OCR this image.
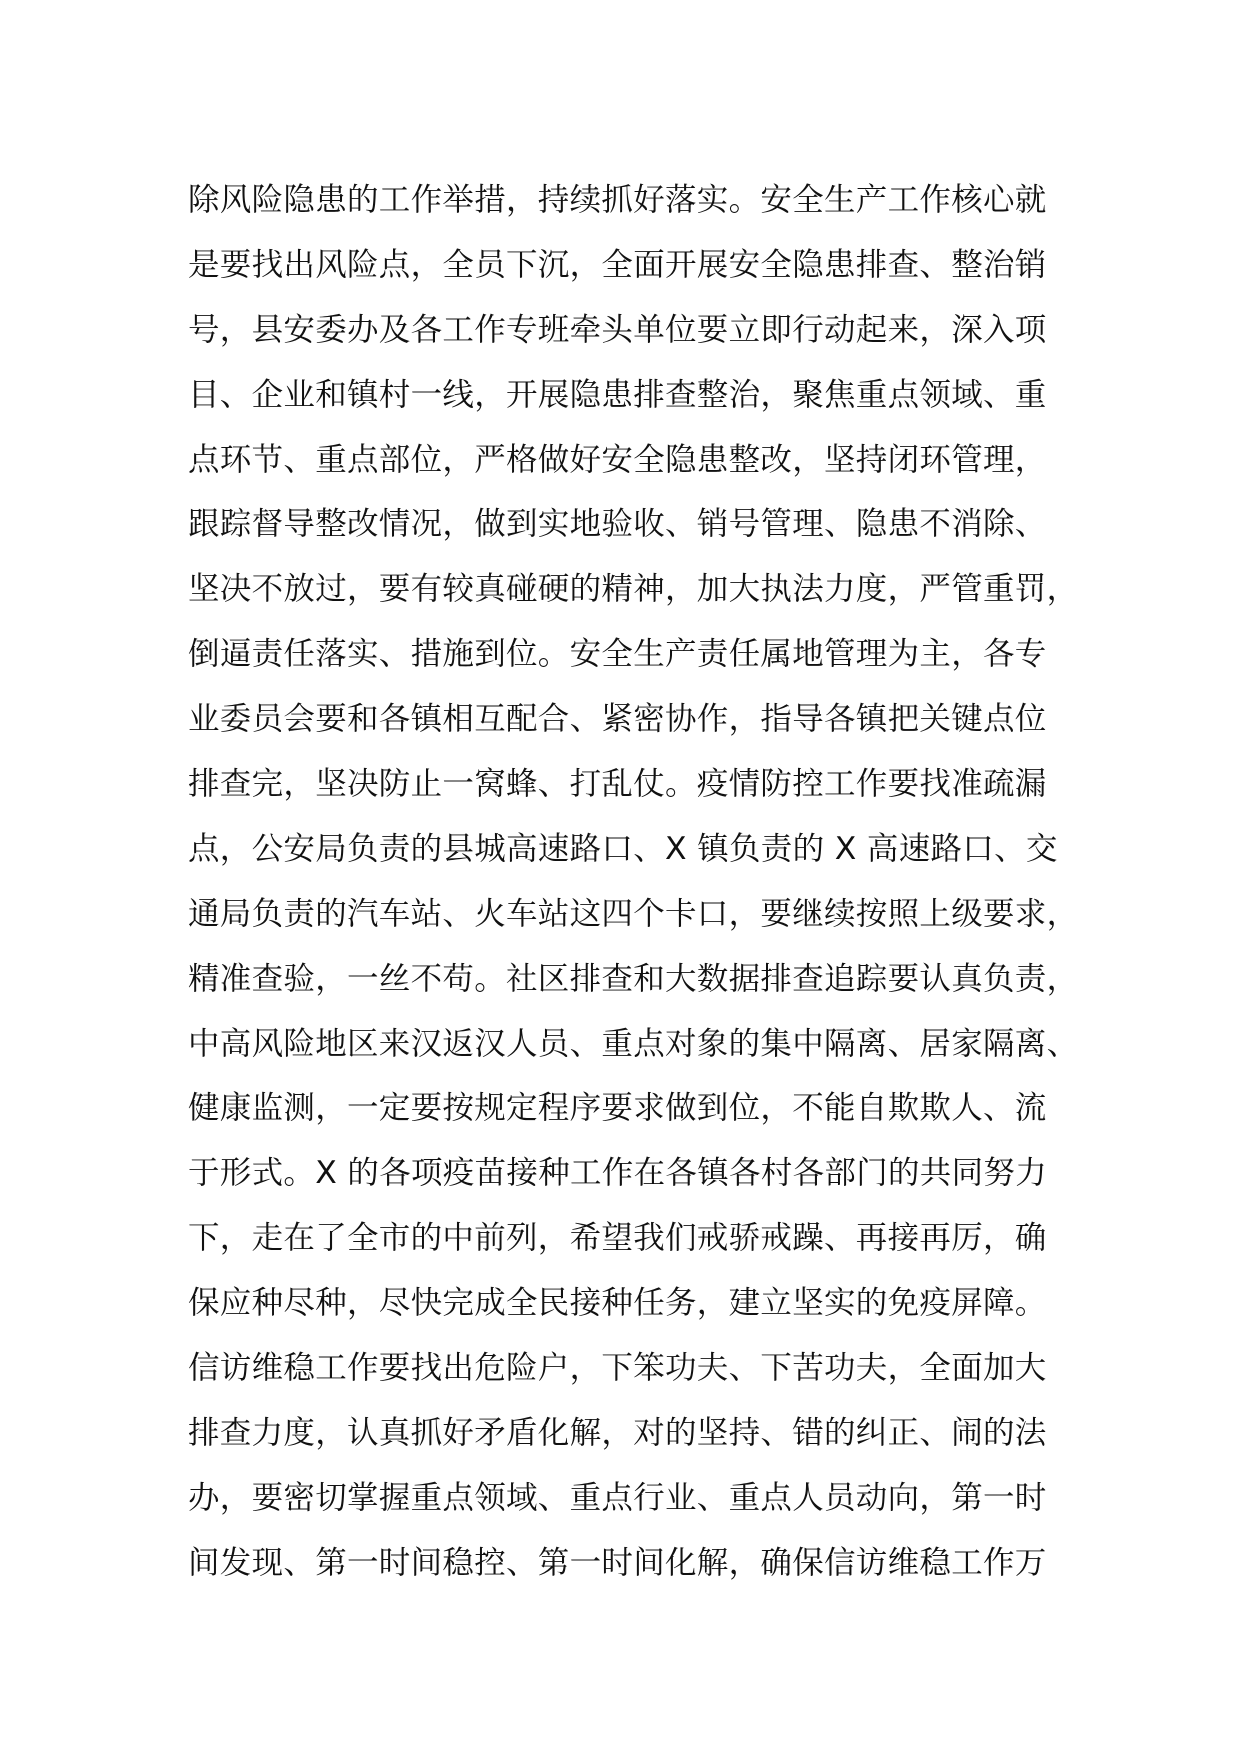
除风险隐患的工作举措，持续抓好落实。安全生产工作核心就
是要找出风险点，全员下沉，全面开展安全隐患排查、整治销
号，县安委办及各工作专班牵头单位要立即行动起来，深入项
目、企业和镇村一线，开展隐患排查整治，聚焦重点领域、重
点环节、重点部位，严格做好安全隐患整改，坚持闭环管理，
跟踪督导整改情况，做到实地验收、销号管理、隐患不消除、
坚决不放过，要有较真碰硬的精神，加大执法力度，严管重罚，
倒逼责任落实、措施到位。安全生产责任属地管理为主，各专
业委员会要和各镇相互配合、紧密协作，指导各镇把关键点位
排查完，坚决防止一窝蜂、打乱仗。疫情防控工作要找准疏漏
点，公安局负责的县城高速路口、X 镇负责的 X 高速路口、交
通局负责的汽车站、火车站这四个卡口，要继续按照上级要求，
精准查验，一丝不苟。社区排查和大数据排查追踪要认真负责，
中高风险地区来汉返汉人员、重点对象的集中隔离、居家隔离、
健康监测，一定要按规定程序要求做到位，不能自欺欺人、流
于形式。X 的各项疫苗接种工作在各镇各村各部门的共同努力
下，走在了全市的中前列，希望我们戒骄戒躁、再接再厉，确
保应种尽种，尽快完成全民接种任务，建立坚实的免疫屏障。
信访维稳工作要找出危险户，下笨功夫、下苦功夫，全面加大
排查力度，认真抓好矛盾化解，对的坚持、错的纠正、闹的法
办，要密切掌握重点领域、重点行业、重点人员动向，第一时
间发现、第一时间稳控、第一时间化解，确保信访维稳工作万
